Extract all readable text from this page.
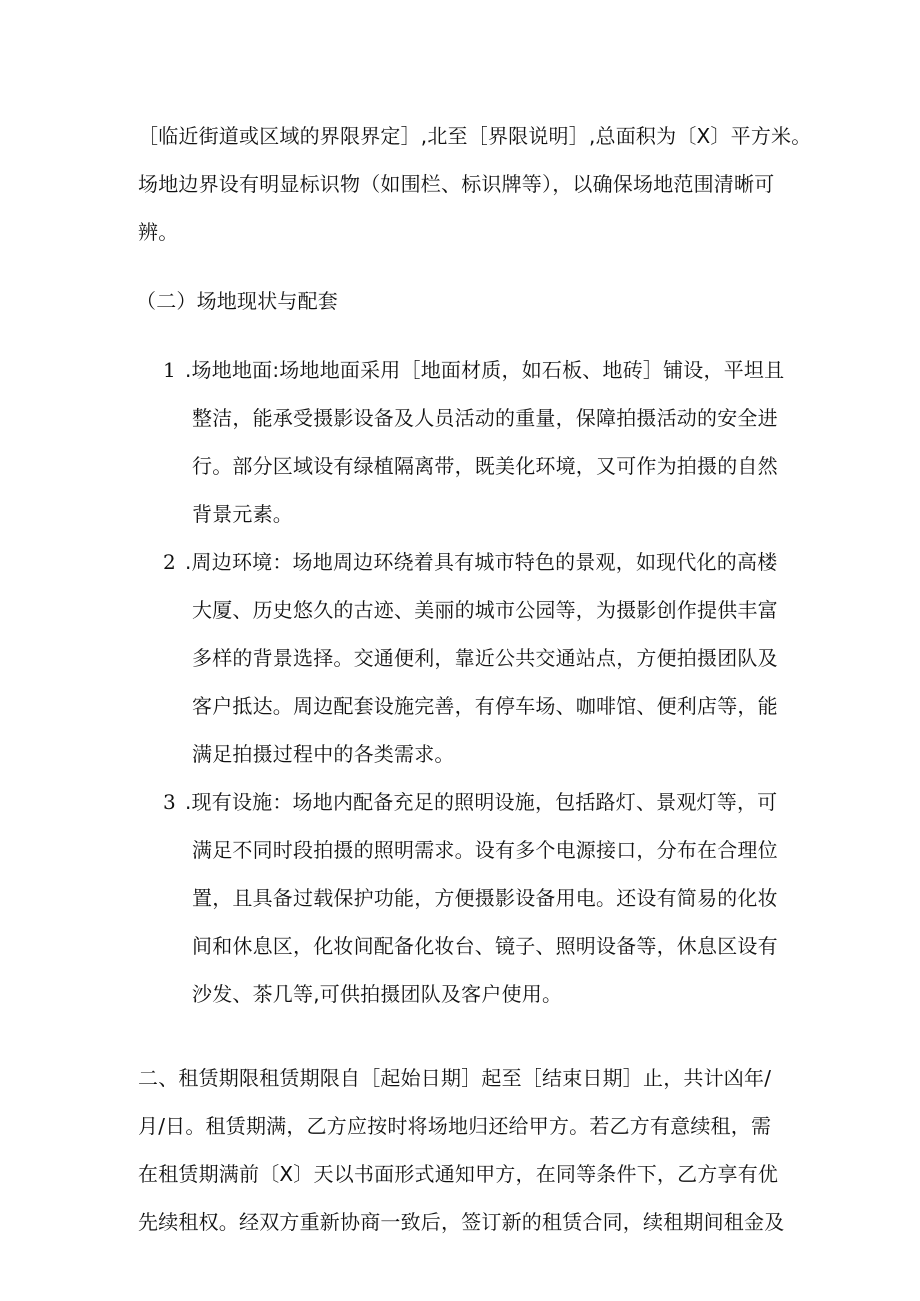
［临近街道或区域的界限界定］,北至［界限说明］,总面积为〔X〕平方米。
场地边界设有明显标识物（如围栏、标识牌等），以确保场地范围清晰可
辨。
（二）场地现状与配套
1 .场地地面:场地地面采用［地面材质，如石板、地砖］铺设，平坦且
整洁，能承受摄影设备及人员活动的重量，保障拍摄活动的安全进
行。部分区域设有绿植隔离带，既美化环境，又可作为拍摄的自然
背景元素。
2 .周边环境：场地周边环绕着具有城市特色的景观，如现代化的高楼
大厦、历史悠久的古迹、美丽的城市公园等，为摄影创作提供丰富
多样的背景选择。交通便利，靠近公共交通站点，方便拍摄团队及
客户抵达。周边配套设施完善，有停车场、咖啡馆、便利店等，能
满足拍摄过程中的各类需求。
3 .现有设施：场地内配备充足的照明设施，包括路灯、景观灯等，可
满足不同时段拍摄的照明需求。设有多个电源接口，分布在合理位
置，且具备过载保护功能，方便摄影设备用电。还设有简易的化妆
间和休息区，化妆间配备化妆台、镜子、照明设备等，休息区设有
沙发、茶几等,可供拍摄团队及客户使用。
二、租赁期限租赁期限自［起始日期］起至［结束日期］止，共计凶年/
月/日。租赁期满，乙方应按时将场地归还给甲方。若乙方有意续租，需
在租赁期满前〔X〕天以书面形式通知甲方，在同等条件下，乙方享有优
先续租权。经双方重新协商一致后，签订新的租赁合同，续租期间租金及
